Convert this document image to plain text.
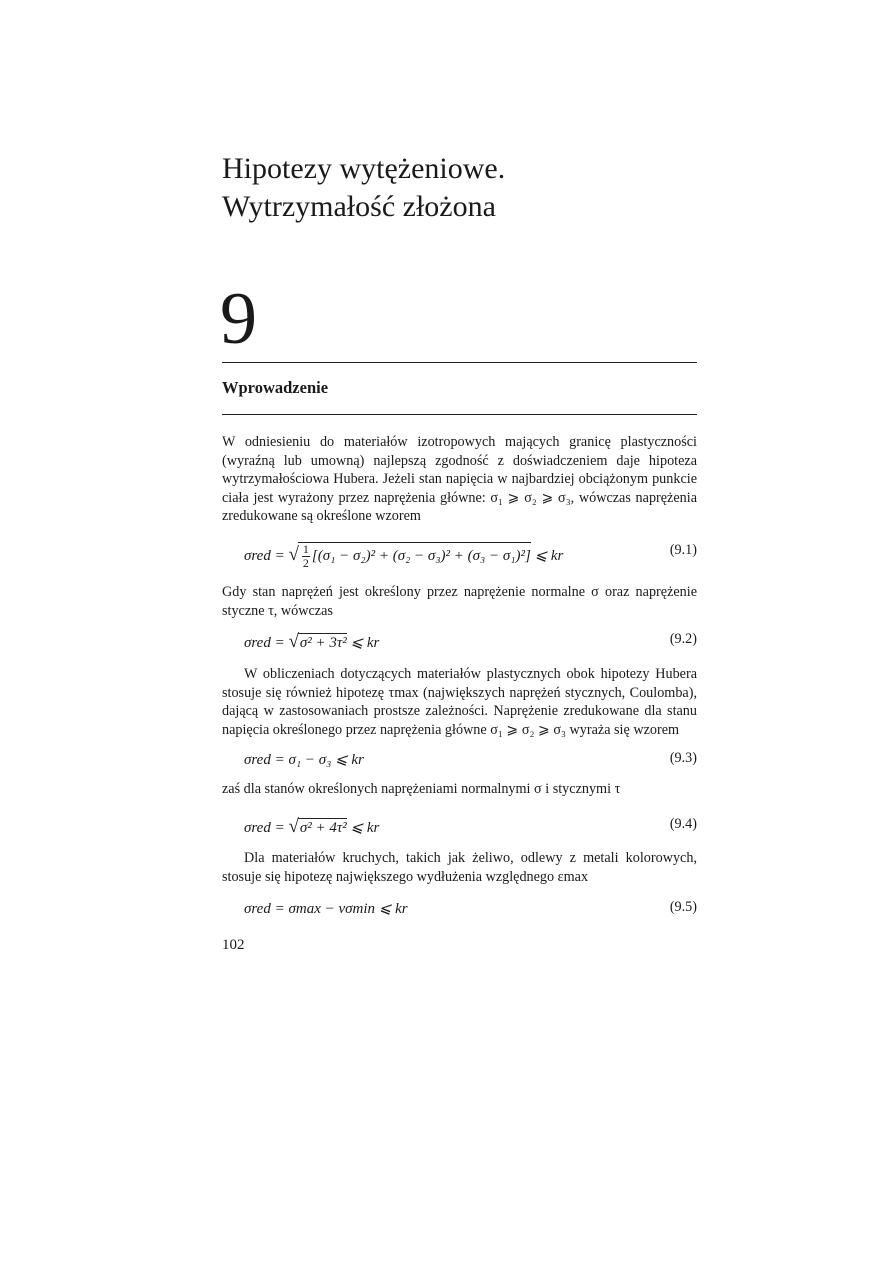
Hipotezy wytężeniowe.
Wytrzymałość złożona
9
Wprowadzenie

W odniesieniu do materiałów izotropowych mających granicę plastyczności (wyraźną lub umowną) najlepszą zgodność z doświadczeniem daje hipoteza wytrzymałościowa Hubera. Jeżeli stan napięcia w najbardziej obciążonym punkcie ciała jest wyrażony przez naprężenia główne: σ₁ ⩾ σ₂ ⩾ σ₃, wówczas naprężenia zredukowane są określone wzorem

σred = √ $\frac{1}{2} [(\sigma_1 - \sigma_2)^2 + (\sigma_2 - \sigma_3)^2 + (\sigma_3 - \sigma_1)^2]$ ⩽ kr	(9.1)

Gdy stan naprężeń jest określony przez naprężenie normalne σ oraz naprężenie styczne τ, wówczas

σred = √σ² + 3τ² ⩽ kr	(9.2)

W obliczeniach dotyczących materiałów plastycznych obok hipotezy Hubera stosuje się również hipotezę τmax (największych naprężeń stycznych, Coulomba), dającą w zastosowaniach prostsze zależności. Naprężenie zredukowane dla stanu napięcia określonego przez naprężenia główne σ₁ ⩾ σ₂ ⩾ σ₃ wyraża się wzorem

σred = σ₁ − σ₃ ⩽ kr	(9.3)

zaś dla stanów określonych naprężeniami normalnymi σ i stycznymi τ

σred = √σ² + 4τ² ⩽ kr	(9.4)

Dla materiałów kruchych, takich jak żeliwo, odlewy z metali kolorowych, stosuje się hipotezę największego wydłużenia względnego εmax

σred = σmax − νσmin ⩽ kr	(9.5)
102
